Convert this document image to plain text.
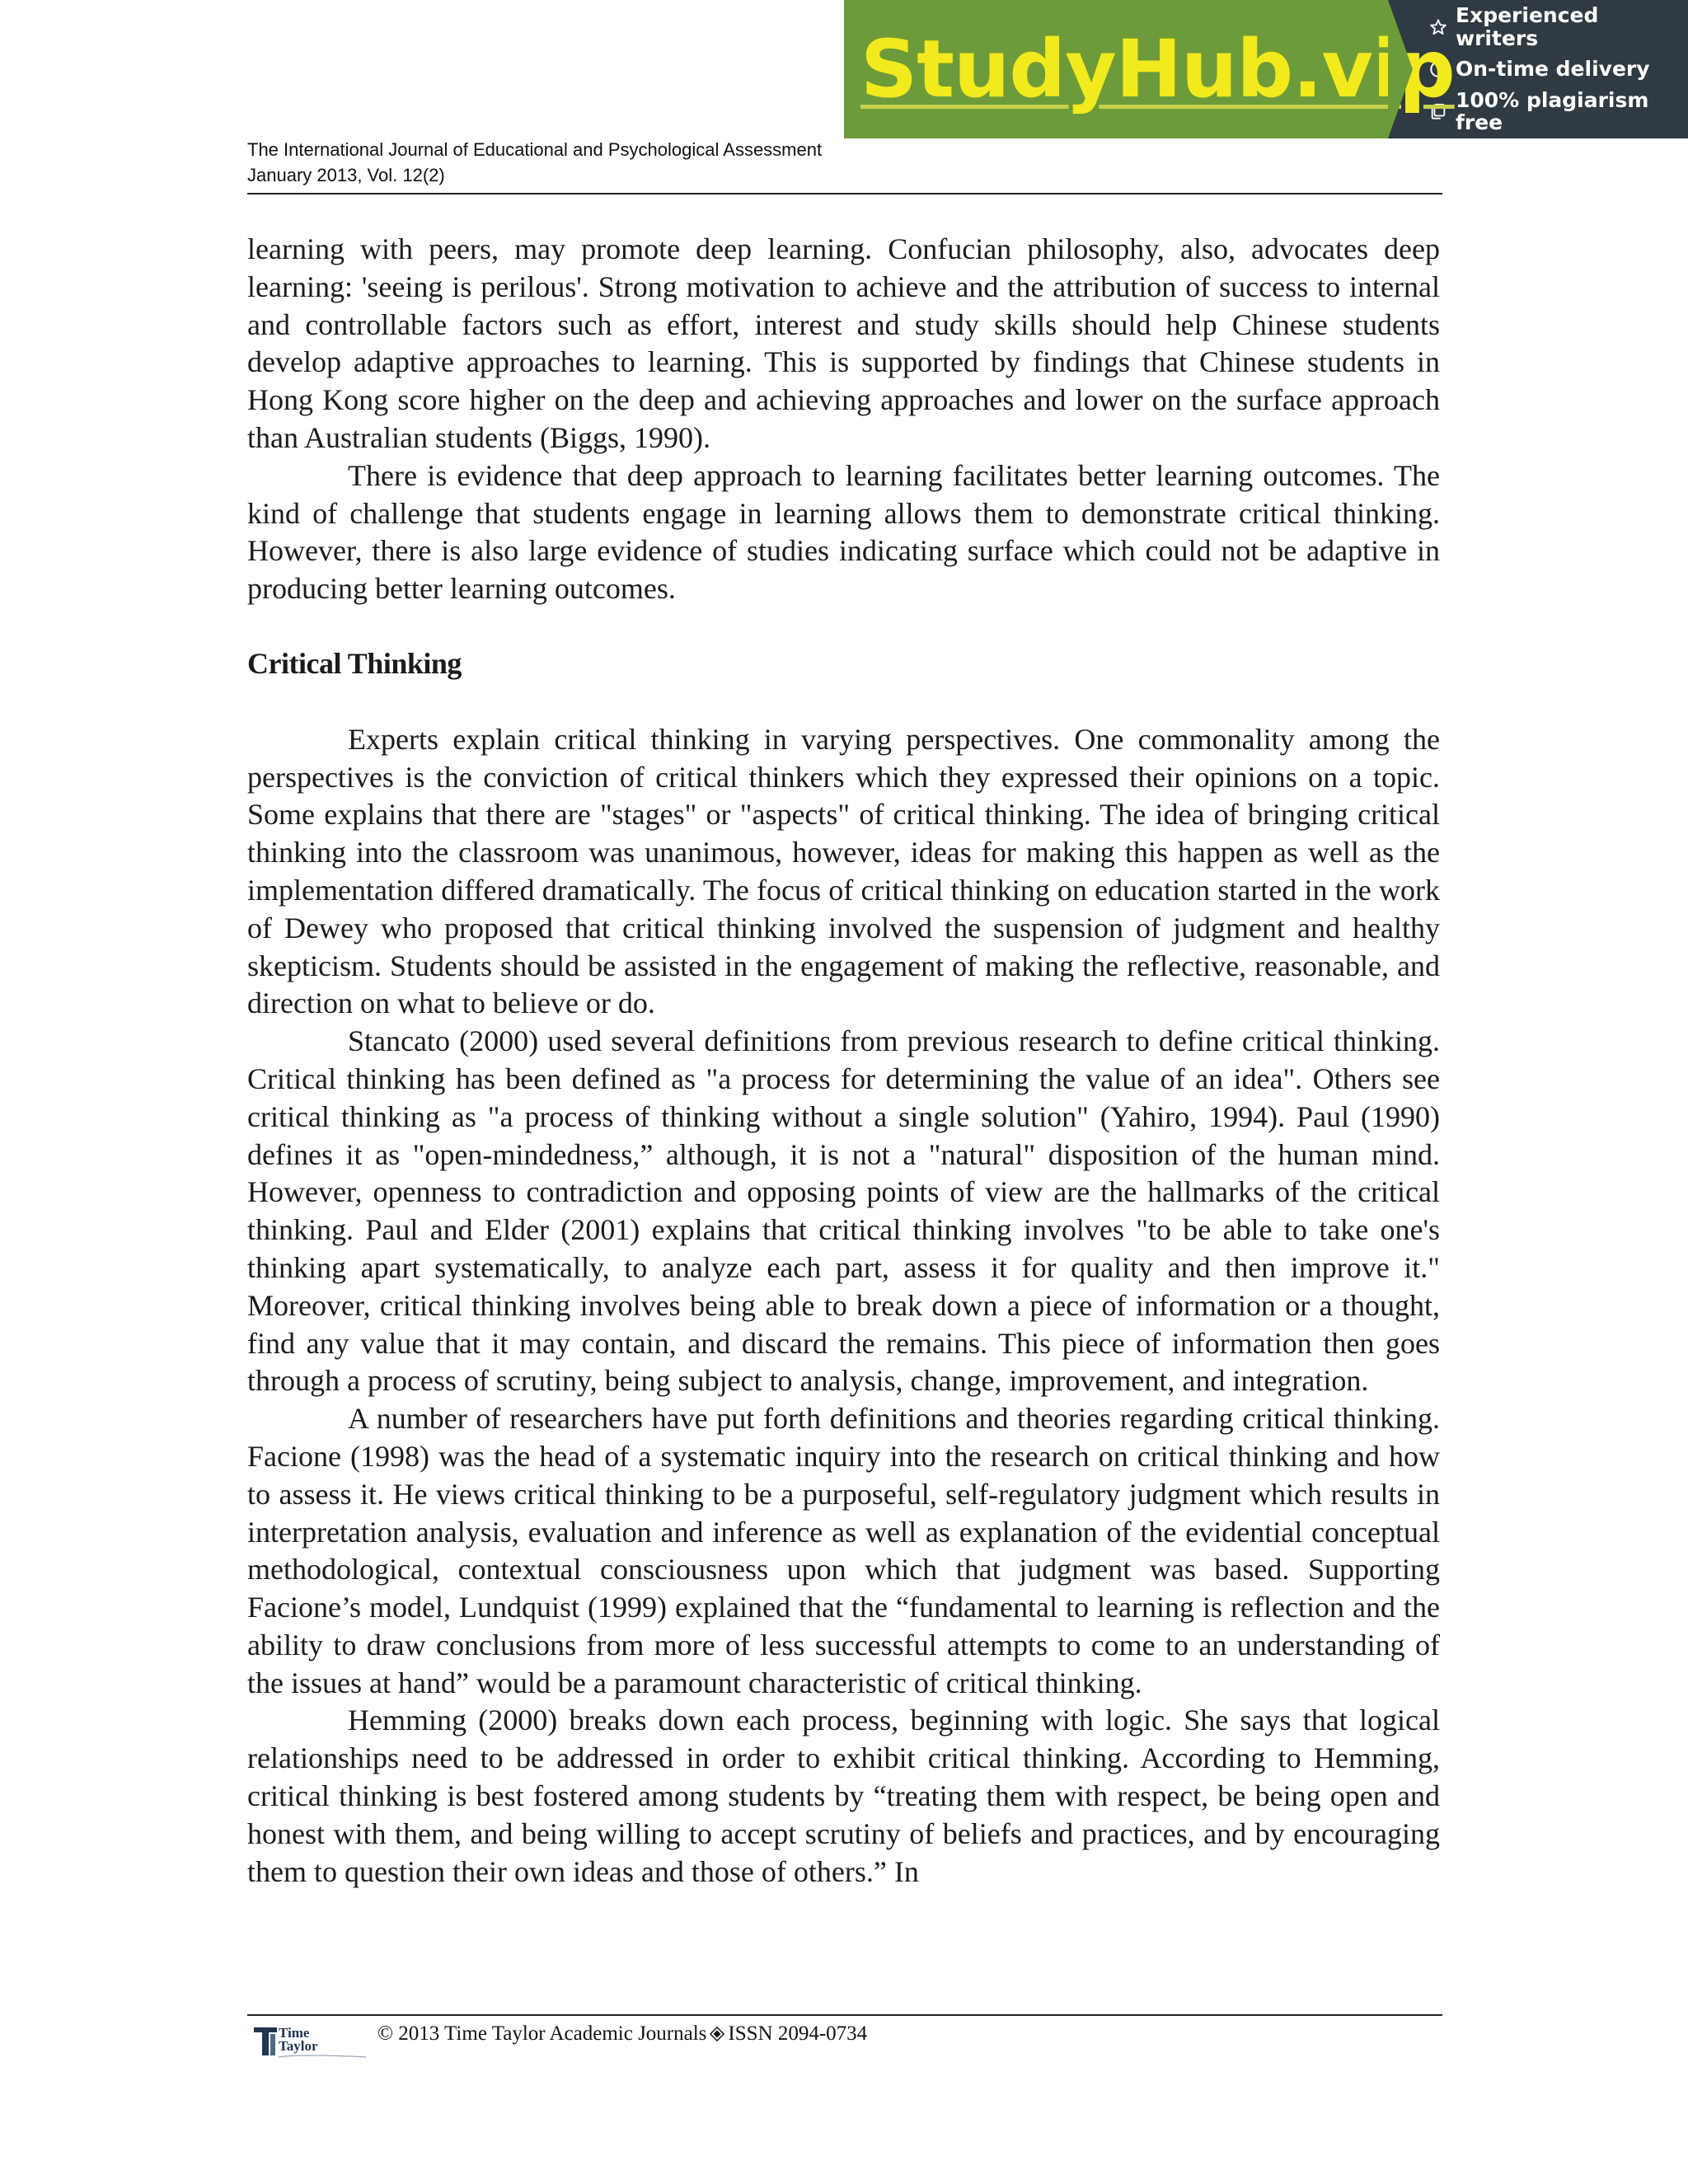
StudyHub.vip
Experienced writers
On-time delivery
100% plagiarism free
The International Journal of Educational and Psychological Assessment
January 2013, Vol. 12(2)

learning with peers, may promote deep learning. Confucian philosophy, also, advocates deep learning: 'seeing is perilous'. Strong motivation to achieve and the attribution of success to internal and controllable factors such as effort, interest and study skills should help Chinese students develop adaptive approaches to learning. This is supported by findings that Chinese students in Hong Kong score higher on the deep and achieving approaches and lower on the surface approach than Australian students (Biggs, 1990).

There is evidence that deep approach to learning facilitates better learning outcomes. The kind of challenge that students engage in learning allows them to demonstrate critical thinking. However, there is also large evidence of studies indicating surface which could not be adaptive in producing better learning outcomes.

Critical Thinking

Experts explain critical thinking in varying perspectives. One commonality among the perspectives is the conviction of critical thinkers which they expressed their opinions on a topic. Some explains that there are "stages" or "aspects" of critical thinking. The idea of bringing critical thinking into the classroom was unanimous, however, ideas for making this happen as well as the implementation differed dramatically. The focus of critical thinking on education started in the work of Dewey who proposed that critical thinking involved the suspension of judgment and healthy skepticism. Students should be assisted in the engagement of making the reflective, reasonable, and direction on what to believe or do.

Stancato (2000) used several definitions from previous research to define critical thinking. Critical thinking has been defined as "a process for determining the value of an idea". Others see critical thinking as "a process of thinking without a single solution" (Yahiro, 1994). Paul (1990) defines it as "open-mindedness,” although, it is not a "natural" disposition of the human mind. However, openness to contradiction and opposing points of view are the hallmarks of the critical thinking. Paul and Elder (2001) explains that critical thinking involves "to be able to take one's thinking apart systematically, to analyze each part, assess it for quality and then improve it." Moreover, critical thinking involves being able to break down a piece of information or a thought, find any value that it may contain, and discard the remains. This piece of information then goes through a process of scrutiny, being subject to analysis, change, improvement, and integration.

A number of researchers have put forth definitions and theories regarding critical thinking. Facione (1998) was the head of a systematic inquiry into the research on critical thinking and how to assess it. He views critical thinking to be a purposeful, self-regulatory judgment which results in interpretation analysis, evaluation and inference as well as explanation of the evidential conceptual methodological, contextual consciousness upon which that judgment was based. Supporting Facione’s model, Lundquist (1999) explained that the “fundamental to learning is reflection and the ability to draw conclusions from more of less successful attempts to come to an understanding of the issues at hand” would be a paramount characteristic of critical thinking.

Hemming (2000) breaks down each process, beginning with logic. She says that logical relationships need to be addressed in order to exhibit critical thinking. According to Hemming, critical thinking is best fostered among students by “treating them with respect, be being open and honest with them, and being willing to accept scrutiny of beliefs and practices, and by encouraging them to question their own ideas and those of others.” In

Time
Taylor
© 2013 Time Taylor Academic Journals ISSN 2094-0734
